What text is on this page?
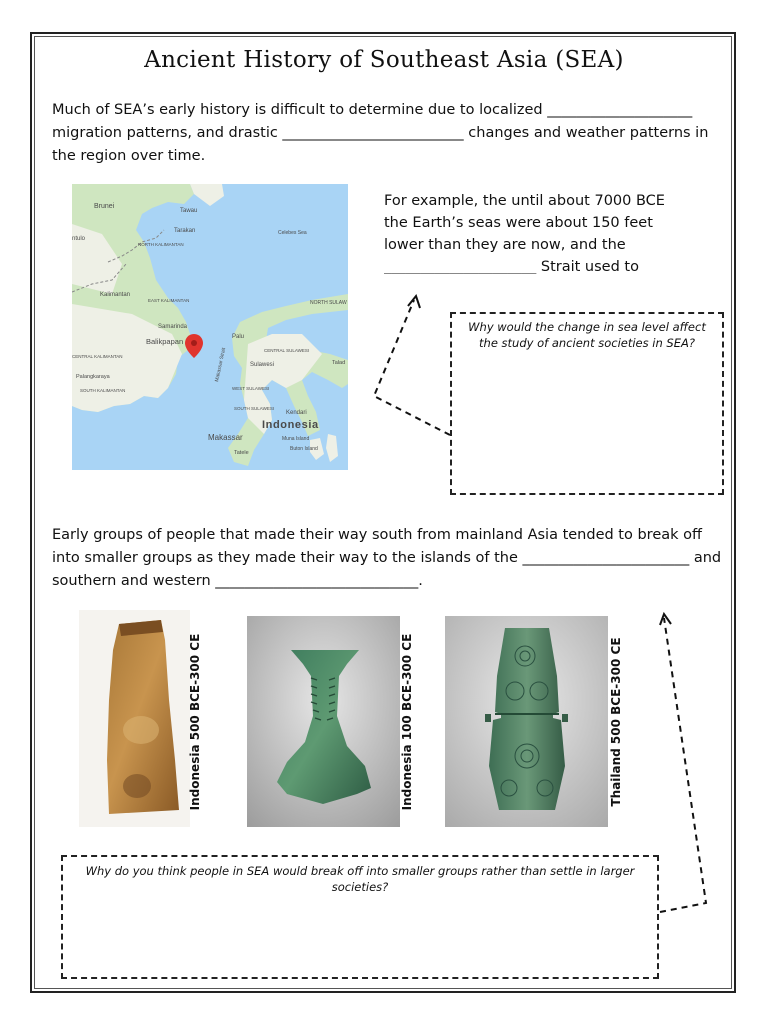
Ancient History of Southeast Asia (SEA)
Much of SEA’s early history is difficult to determine due to localized ____________________ migration patterns, and drastic _________________________ changes and weather patterns in the region over time.
Brunei
Tawau
Tarakan
NORTH KALIMANTAN
Celebes Sea
ntulo
Kalimantan
EAST KALIMANTAN
Samarinda
Balikpapan
CENTRAL KALIMANTAN
Palangkaraya
SOUTH KALIMANTAN
Makassar Strait
Palu
CENTRAL SULAWESI
Sulawesi
NORTH SULAW
Talad
WEST SULAWESI
SOUTH SULAWESI
Kendari
Makassar
Indonesia
Muna Island
Buton Island
Tatele
For example, the until about 7000 BCE the Earth’s seas were about 150 feet lower than they are now, and the _____________________ Strait used to
Why would the change in sea level affect the study of ancient societies in SEA?
Early groups of people that made their way south from mainland Asia tended to break off into smaller groups as they made their way to the islands of the _______________________ and southern and western ____________________________.
Indonesia 500 BCE-300 CE	Indonesia 100 BCE-300 CE	Thailand 500 BCE-300 CE
Why do you think people in SEA would break off into smaller groups rather than settle in larger societies?
